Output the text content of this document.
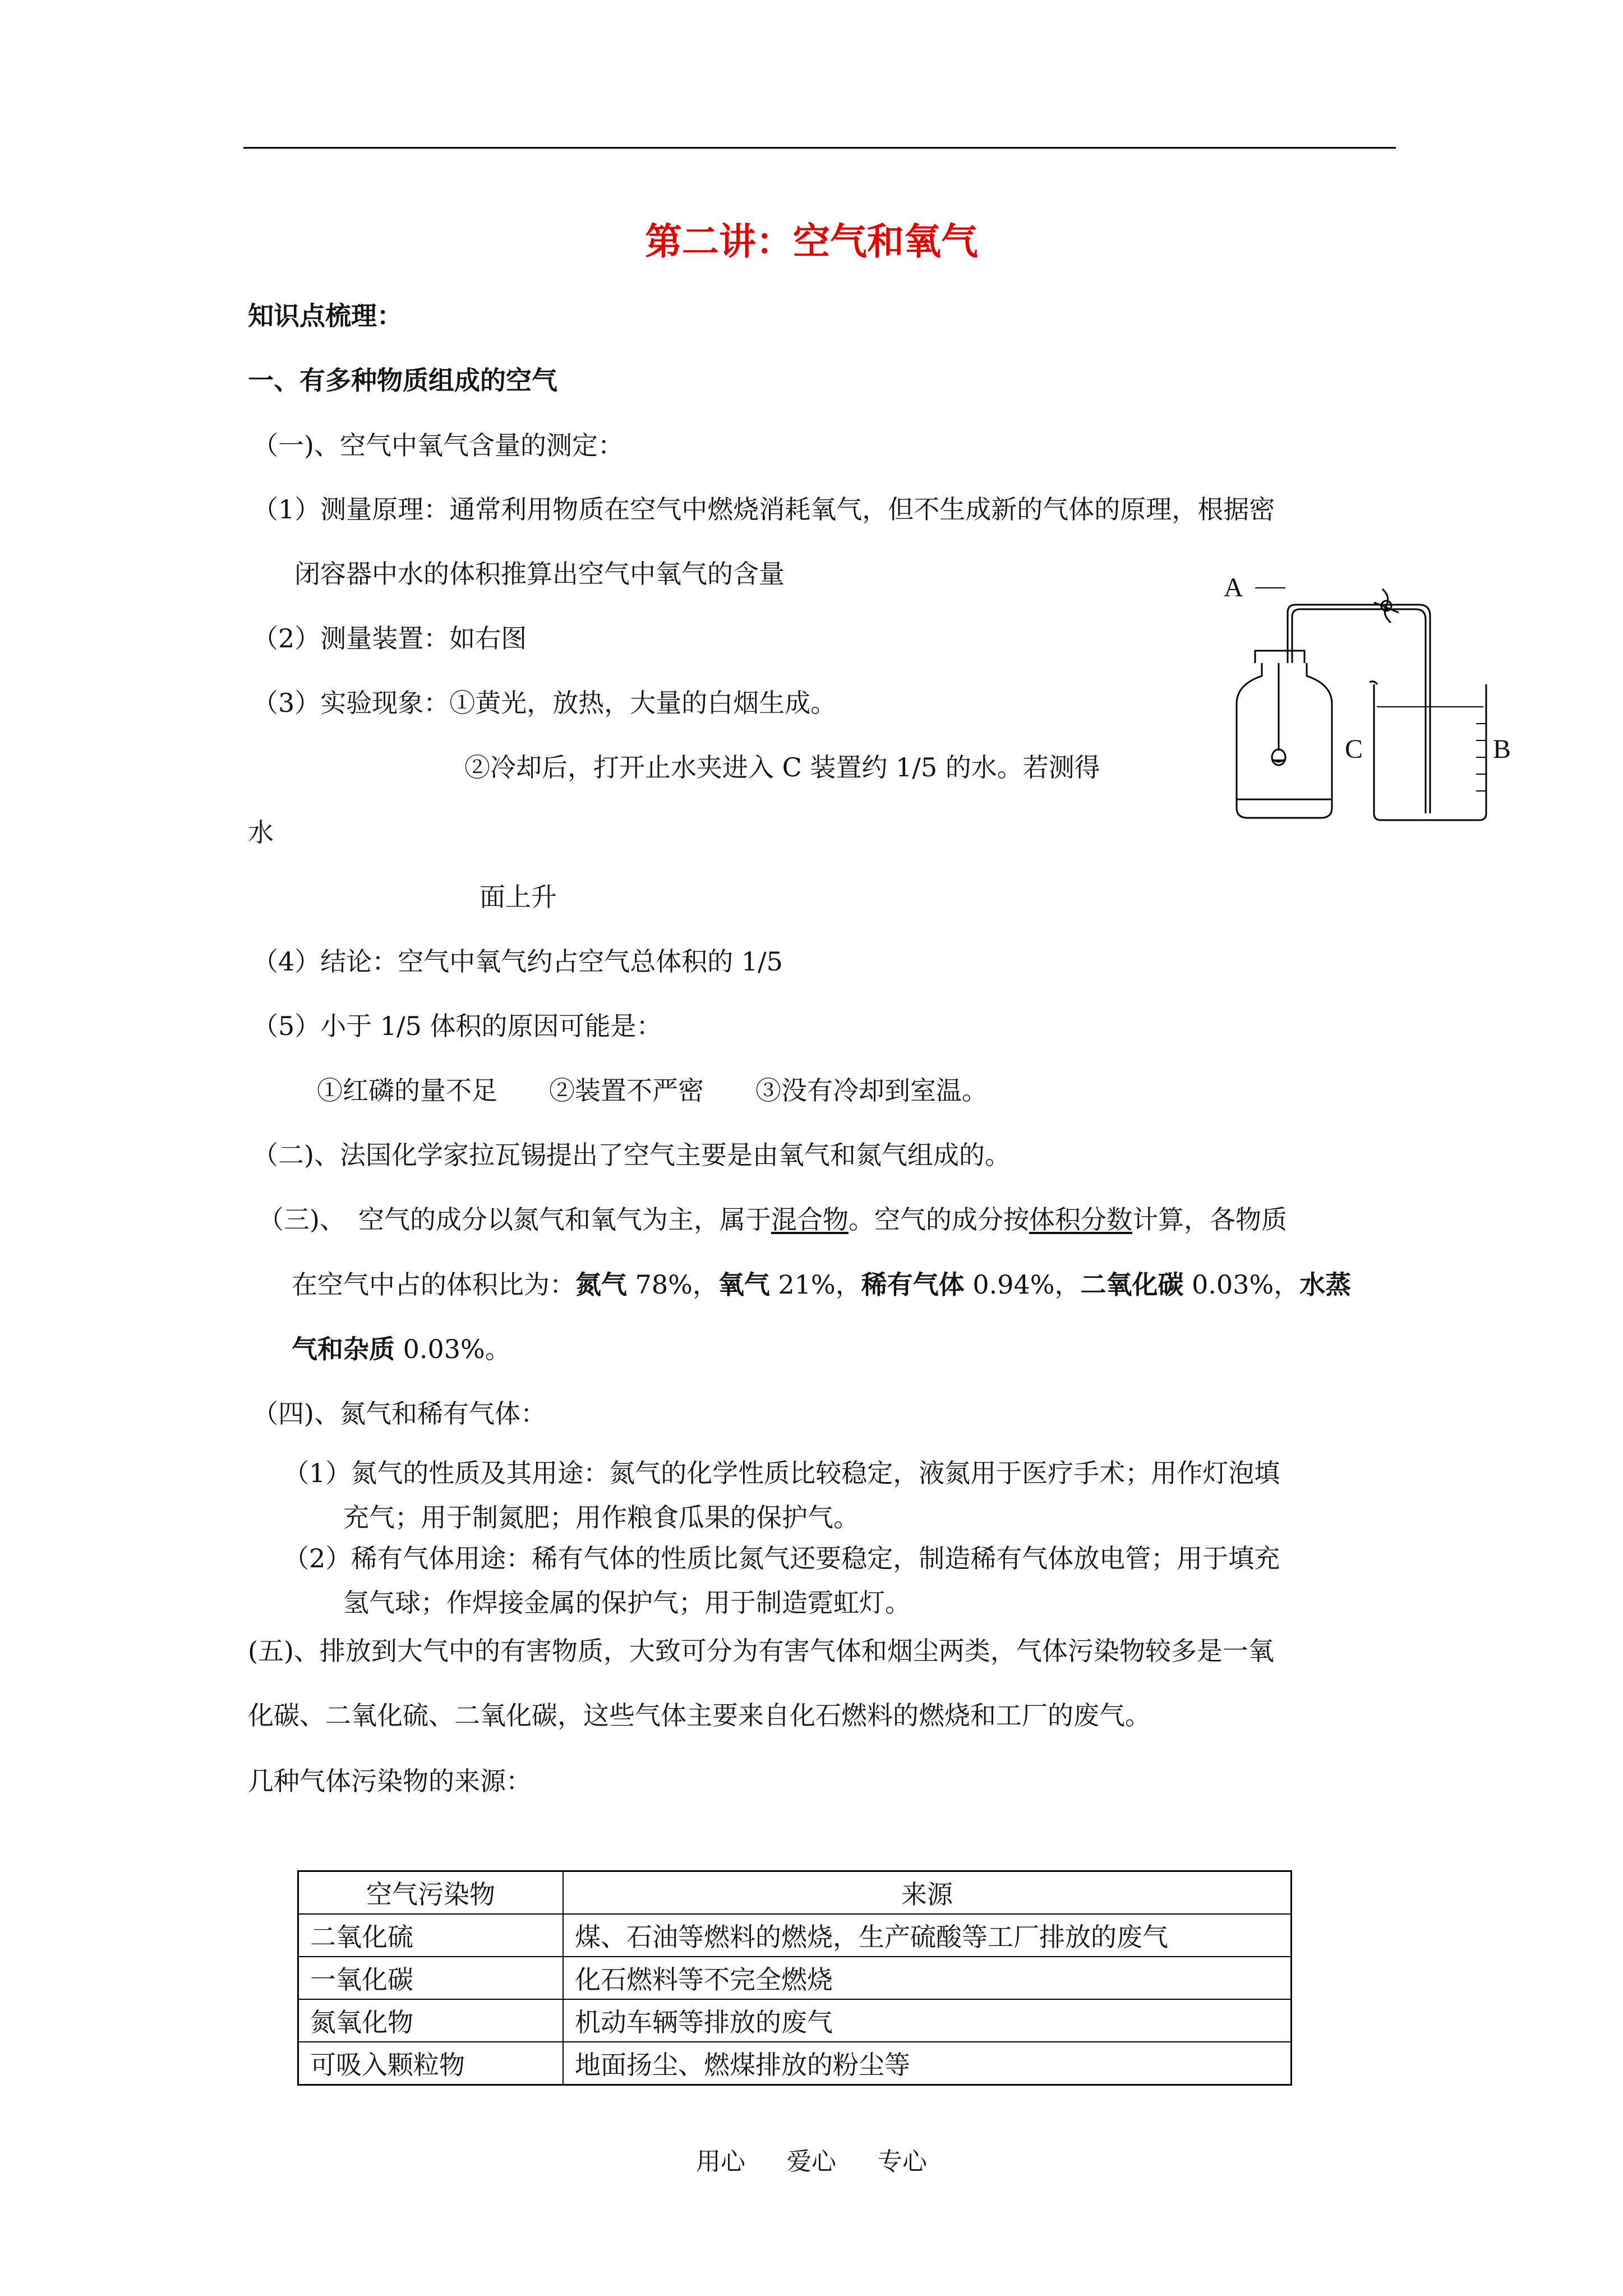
第二讲：空气和氧气
知识点梳理：
一、有多种物质组成的空气
（一)、空气中氧气含量的测定：
（1）测量原理：通常利用物质在空气中燃烧消耗氧气，但不生成新的气体的原理，根据密
闭容器中水的体积推算出空气中氧气的含量
（2）测量装置：如右图
（3）实验现象：①黄光，放热，大量的白烟生成。
②冷却后，打开止水夹进入 C 装置约 1/5 的水。若测得
水
面上升
（4）结论：空气中氧气约占空气总体积的 1/5
（5）小于 1/5 体积的原因可能是：
①红磷的量不足　　②装置不严密　　③没有冷却到室温。
（二)、法国化学家拉瓦锡提出了空气主要是由氧气和氮气组成的。
（三)、　空气的成分以氮气和氧气为主，属于混合物。空气的成分按体积分数计算，各物质
在空气中占的体积比为：氮气 78%，氧气 21%，稀有气体 0.94%，二氧化碳 0.03%，水蒸
气和杂质 0.03%。
（四)、氮气和稀有气体：
（1）氮气的性质及其用途：氮气的化学性质比较稳定，液氮用于医疗手术；用作灯泡填
充气；用于制氮肥；用作粮食瓜果的保护气。
（2）稀有气体用途：稀有气体的性质比氮气还要稳定，制造稀有气体放电管；用于填充
氢气球；作焊接金属的保护气；用于制造霓虹灯。
(五)、排放到大气中的有害物质，大致可分为有害气体和烟尘两类，气体污染物较多是一氧
化碳、二氧化硫、二氧化碳，这些气体主要来自化石燃料的燃烧和工厂的废气。
几种气体污染物的来源：
A
C	B
空气污染物	来源
二氧化硫	煤、石油等燃料的燃烧，生产硫酸等工厂排放的废气
一氧化碳	化石燃料等不完全燃烧
氮氧化物	机动车辆等排放的废气
可吸入颗粒物	地面扬尘、燃煤排放的粉尘等
用心 爱心 专心
